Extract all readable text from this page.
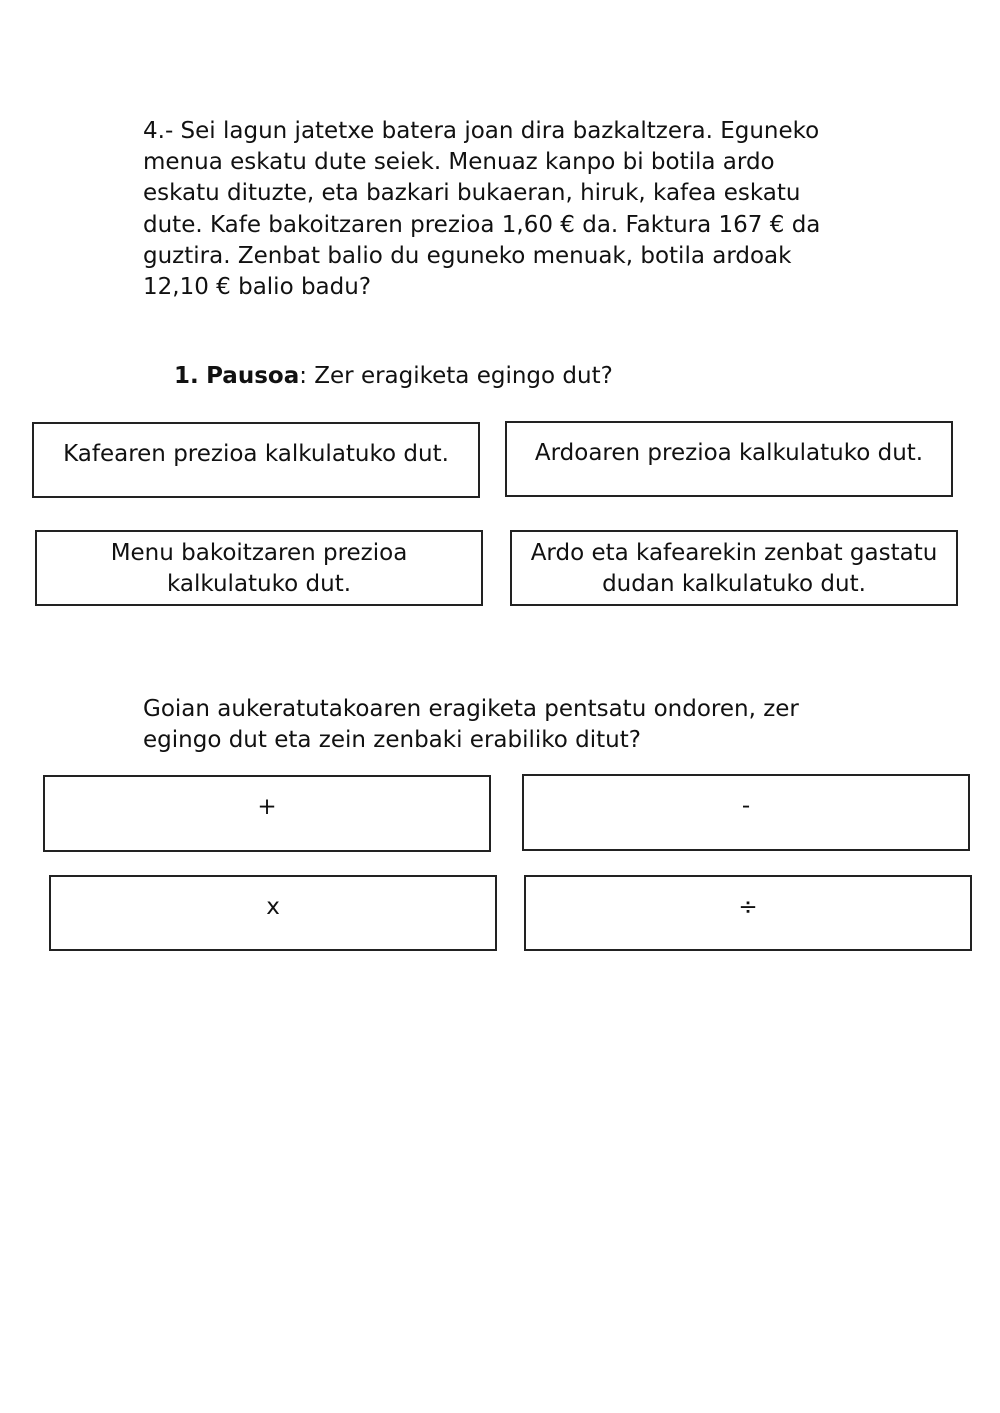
4.- Sei lagun jatetxe batera joan dira bazkaltzera. Eguneko
menua eskatu dute seiek. Menuaz kanpo bi botila ardo
eskatu dituzte, eta bazkari bukaeran, hiruk, kafea eskatu
dute. Kafe bakoitzaren prezioa 1,60 € da. Faktura 167 € da
guztira. Zenbat balio du eguneko menuak, botila ardoak
12,10 € balio badu?
1. Pausoa: Zer eragiketa egingo dut?
Kafearen prezioa kalkulatuko dut.	Ardoaren prezioa kalkulatuko dut.
Menu bakoitzaren prezioa
kalkulatuko dut.
Ardo eta kafearekin zenbat gastatu
dudan kalkulatuko dut.
Goian aukeratutakoaren eragiketa pentsatu ondoren, zer
egingo dut eta zein zenbaki erabiliko ditut?
+	-
x	÷
